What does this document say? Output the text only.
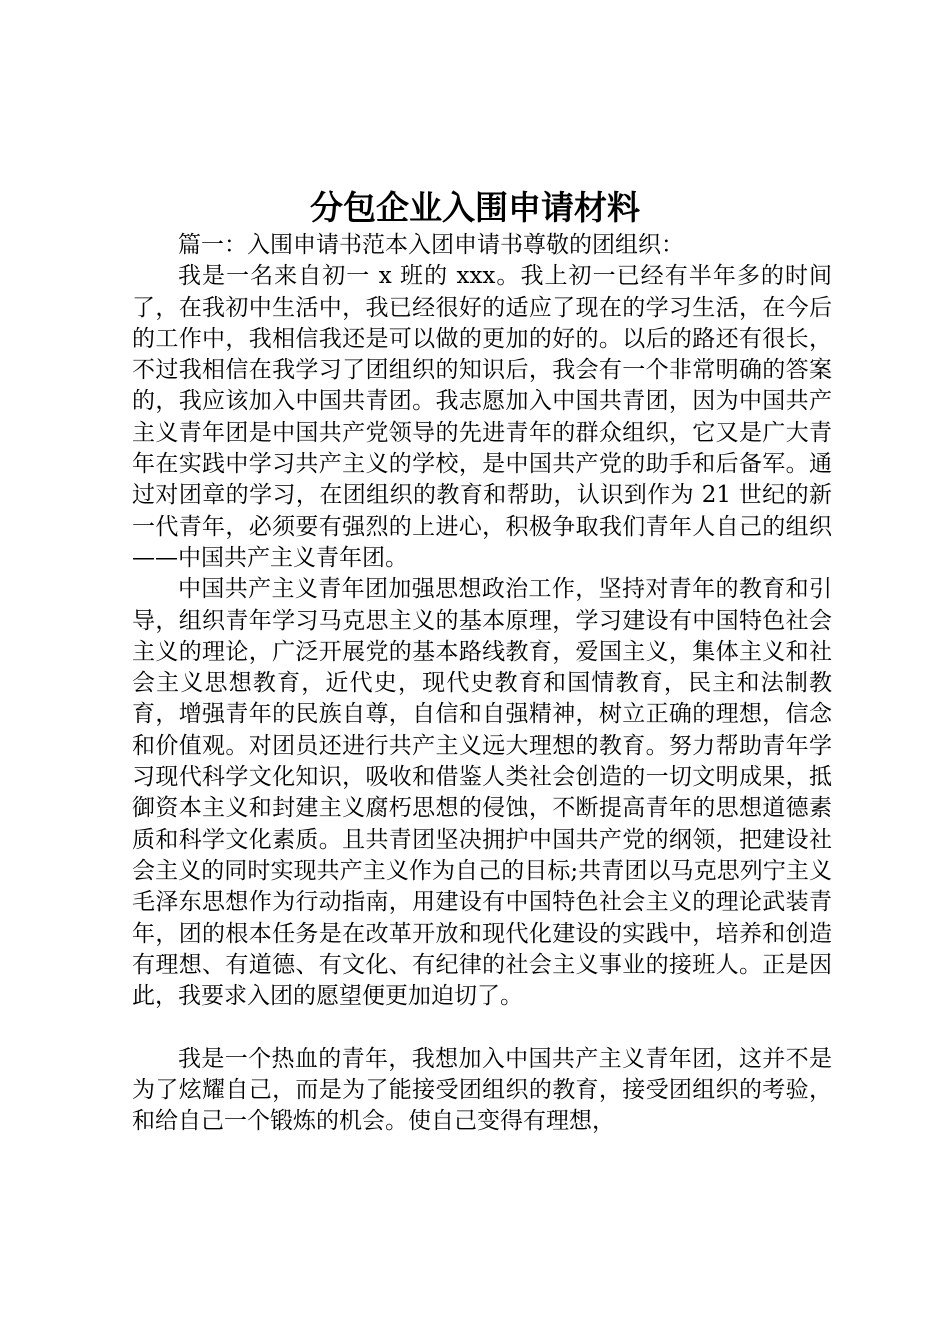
分包企业入围申请材料

篇一：入围申请书范本入团申请书尊敬的团组织：

我是一名来自初一 x 班的 xxx。我上初一已经有半年多的时间了，在我初中生活中，我已经很好的适应了现在的学习生活，在今后的工作中，我相信我还是可以做的更加的好的。以后的路还有很长，不过我相信在我学习了团组织的知识后，我会有一个非常明确的答案的，我应该加入中国共青团。我志愿加入中国共青团，因为中国共产主义青年团是中国共产党领导的先进青年的群众组织，它又是广大青年在实践中学习共产主义的学校，是中国共产党的助手和后备军。通过对团章的学习，在团组织的教育和帮助，认识到作为 21 世纪的新一代青年，必须要有强烈的上进心，积极争取我们青年人自己的组织——中国共产主义青年团。

中国共产主义青年团加强思想政治工作，坚持对青年的教育和引导，组织青年学习马克思主义的基本原理，学习建设有中国特色社会主义的理论，广泛开展党的基本路线教育，爱国主义，集体主义和社会主义思想教育，近代史，现代史教育和国情教育，民主和法制教育，增强青年的民族自尊，自信和自强精神，树立正确的理想，信念和价值观。对团员还进行共产主义远大理想的教育。努力帮助青年学习现代科学文化知识，吸收和借鉴人类社会创造的一切文明成果，抵御资本主义和封建主义腐朽思想的侵蚀，不断提高青年的思想道德素质和科学文化素质。且共青团坚决拥护中国共产党的纲领，把建设社会主义的同时实现共产主义作为自己的目标;共青团以马克思列宁主义毛泽东思想作为行动指南，用建设有中国特色社会主义的理论武装青年，团的根本任务是在改革开放和现代化建设的实践中，培养和创造有理想、有道德、有文化、有纪律的社会主义事业的接班人。正是因此，我要求入团的愿望便更加迫切了。

我是一个热血的青年，我想加入中国共产主义青年团，这并不是为了炫耀自己，而是为了能接受团组织的教育，接受团组织的考验，和给自己一个锻炼的机会。使自己变得有理想，
